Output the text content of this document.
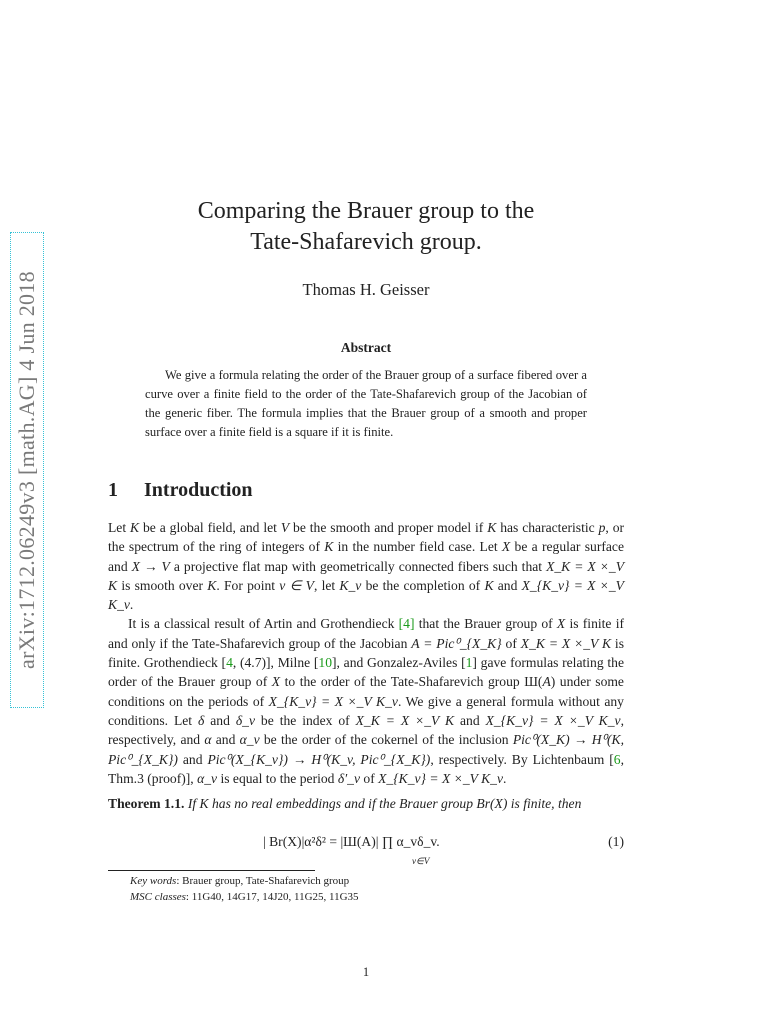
arXiv:1712.06249v3 [math.AG] 4 Jun 2018
Comparing the Brauer group to the
Tate-Shafarevich group.
Thomas H. Geisser
Abstract

We give a formula relating the order of the Brauer group of a surface fibered over a curve over a finite field to the order of the Tate-Shafarevich group of the Jacobian of the generic fiber. The formula implies that the Brauer group of a smooth and proper surface over a finite field is a square if it is finite.

1 Introduction

Let K be a global field, and let V be the smooth and proper model if K has characteristic p, or the spectrum of the ring of integers of K in the number field case. Let X be a regular surface and X → V a projective flat map with geometrically connected fibers such that X_K = X ×_V K is smooth over K. For point v ∈ V, let K_v be the completion of K and X_{K_v} = X ×_V K_v.

It is a classical result of Artin and Grothendieck [4] that the Brauer group of X is finite if and only if the Tate-Shafarevich group of the Jacobian A = Pic⁰_{X_K} of X_K = X ×_V K is finite. Grothendieck [4, (4.7)], Milne [10], and Gonzalez-Aviles [1] gave formulas relating the order of the Brauer group of X to the order of the Tate-Shafarevich group Ш(A) under some conditions on the periods of X_{K_v} = X ×_V K_v. We give a general formula without any conditions. Let δ and δ_v be the index of X_K = X ×_V K and X_{K_v} = X ×_V K_v, respectively, and α and α_v be the order of the cokernel of the inclusion Pic⁰(X_K) → H⁰(K, Pic⁰_{X_K}) and Pic⁰(X_{K_v}) → H⁰(K_v, Pic⁰_{X_K}), respectively. By Lichtenbaum [6, Thm.3 (proof)], α_v is equal to the period δ′_v of X_{K_v} = X ×_V K_v.

Theorem 1.1. If K has no real embeddings and if the Brauer group Br(X) is finite, then
| Br(X)|α²δ² = |Ш(A)| ∏ α_vδ_v.
v∈V
(1)
Key words: Brauer group, Tate-Shafarevich group
MSC classes: 11G40, 14G17, 14J20, 11G25, 11G35
1
